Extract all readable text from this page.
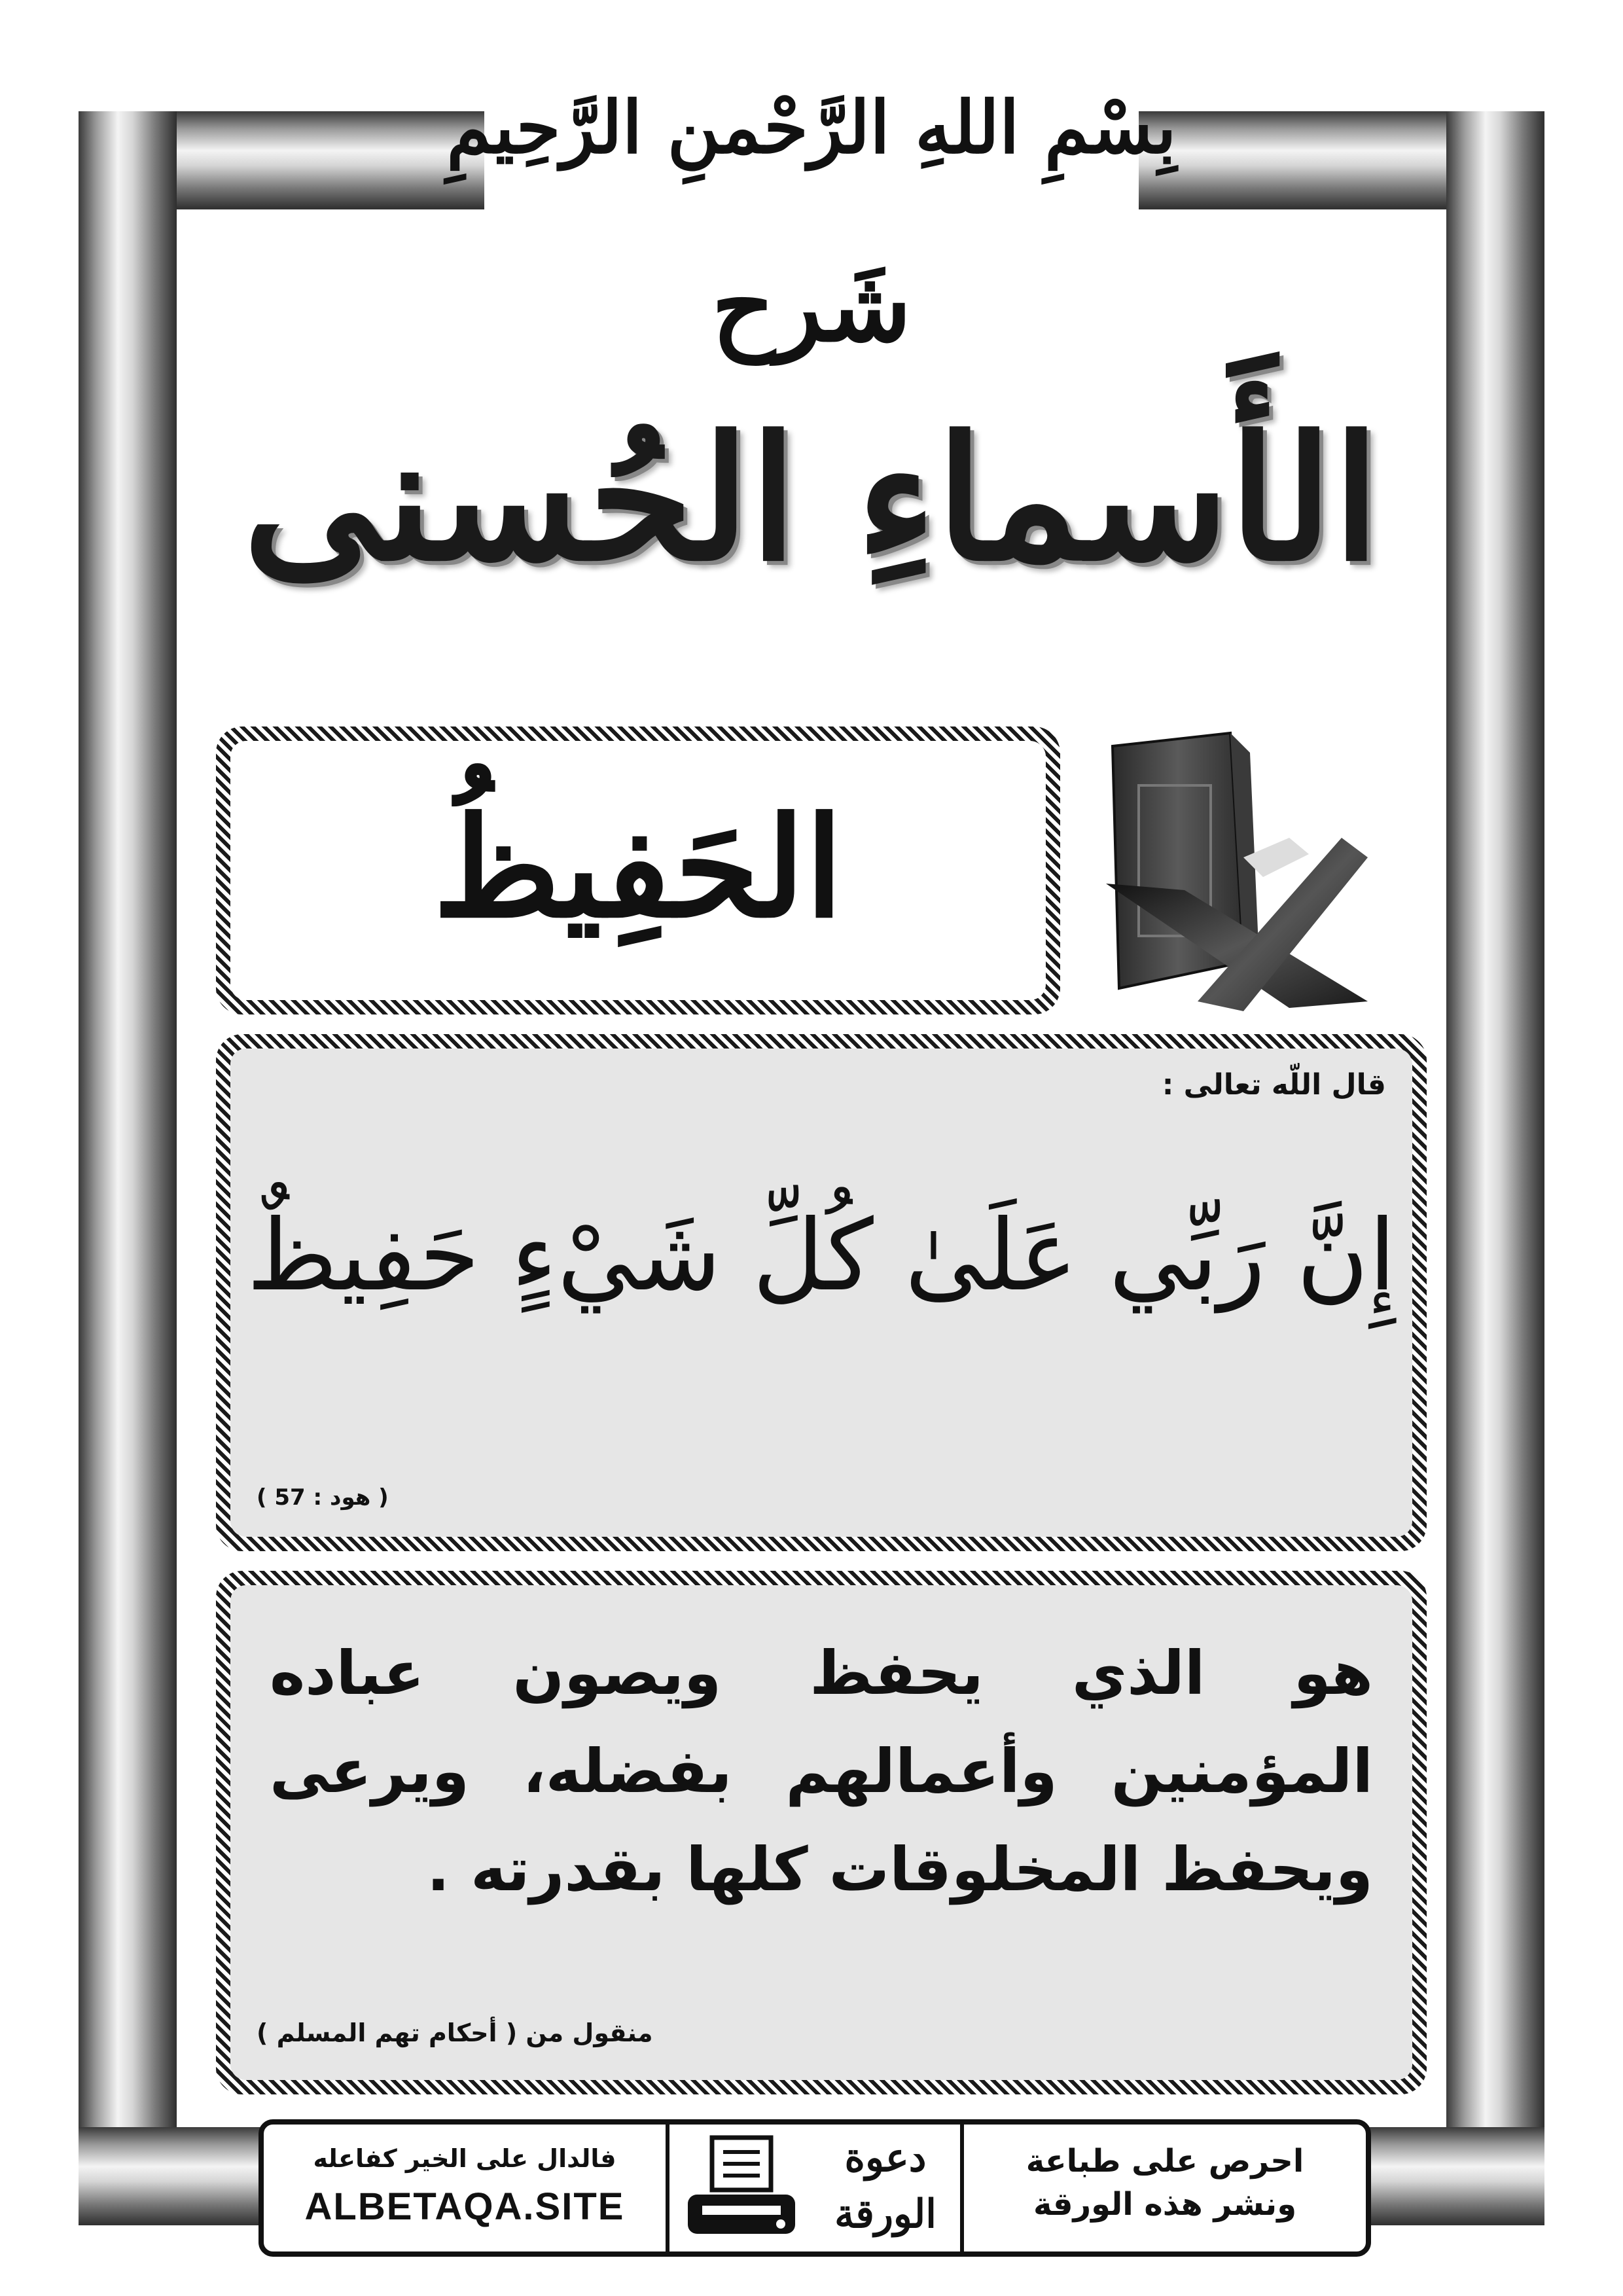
بِسْمِ اللهِ الرَّحْمنِ الرَّحِيمِ
شَرح
الأَسماءِ الحُسنى
الحَفِيظُ
قال اللّه تعالى :
إِنَّ رَبِّي عَلَىٰ كُلِّ شَيْءٍ حَفِيظٌ
( هود : 57 )
هو الذي يحفظ ويصون عباده المؤمنين وأعمالهم بفضله، ويرعى ويحفظ المخلوقات كلها بقدرته .
منقول من ( أحكام تهم المسلم )
فالدال على الخير كفاعله
ALBETAQA.SITE
دعوة
الورقة
احرص على طباعة
ونشر هذه الورقة
